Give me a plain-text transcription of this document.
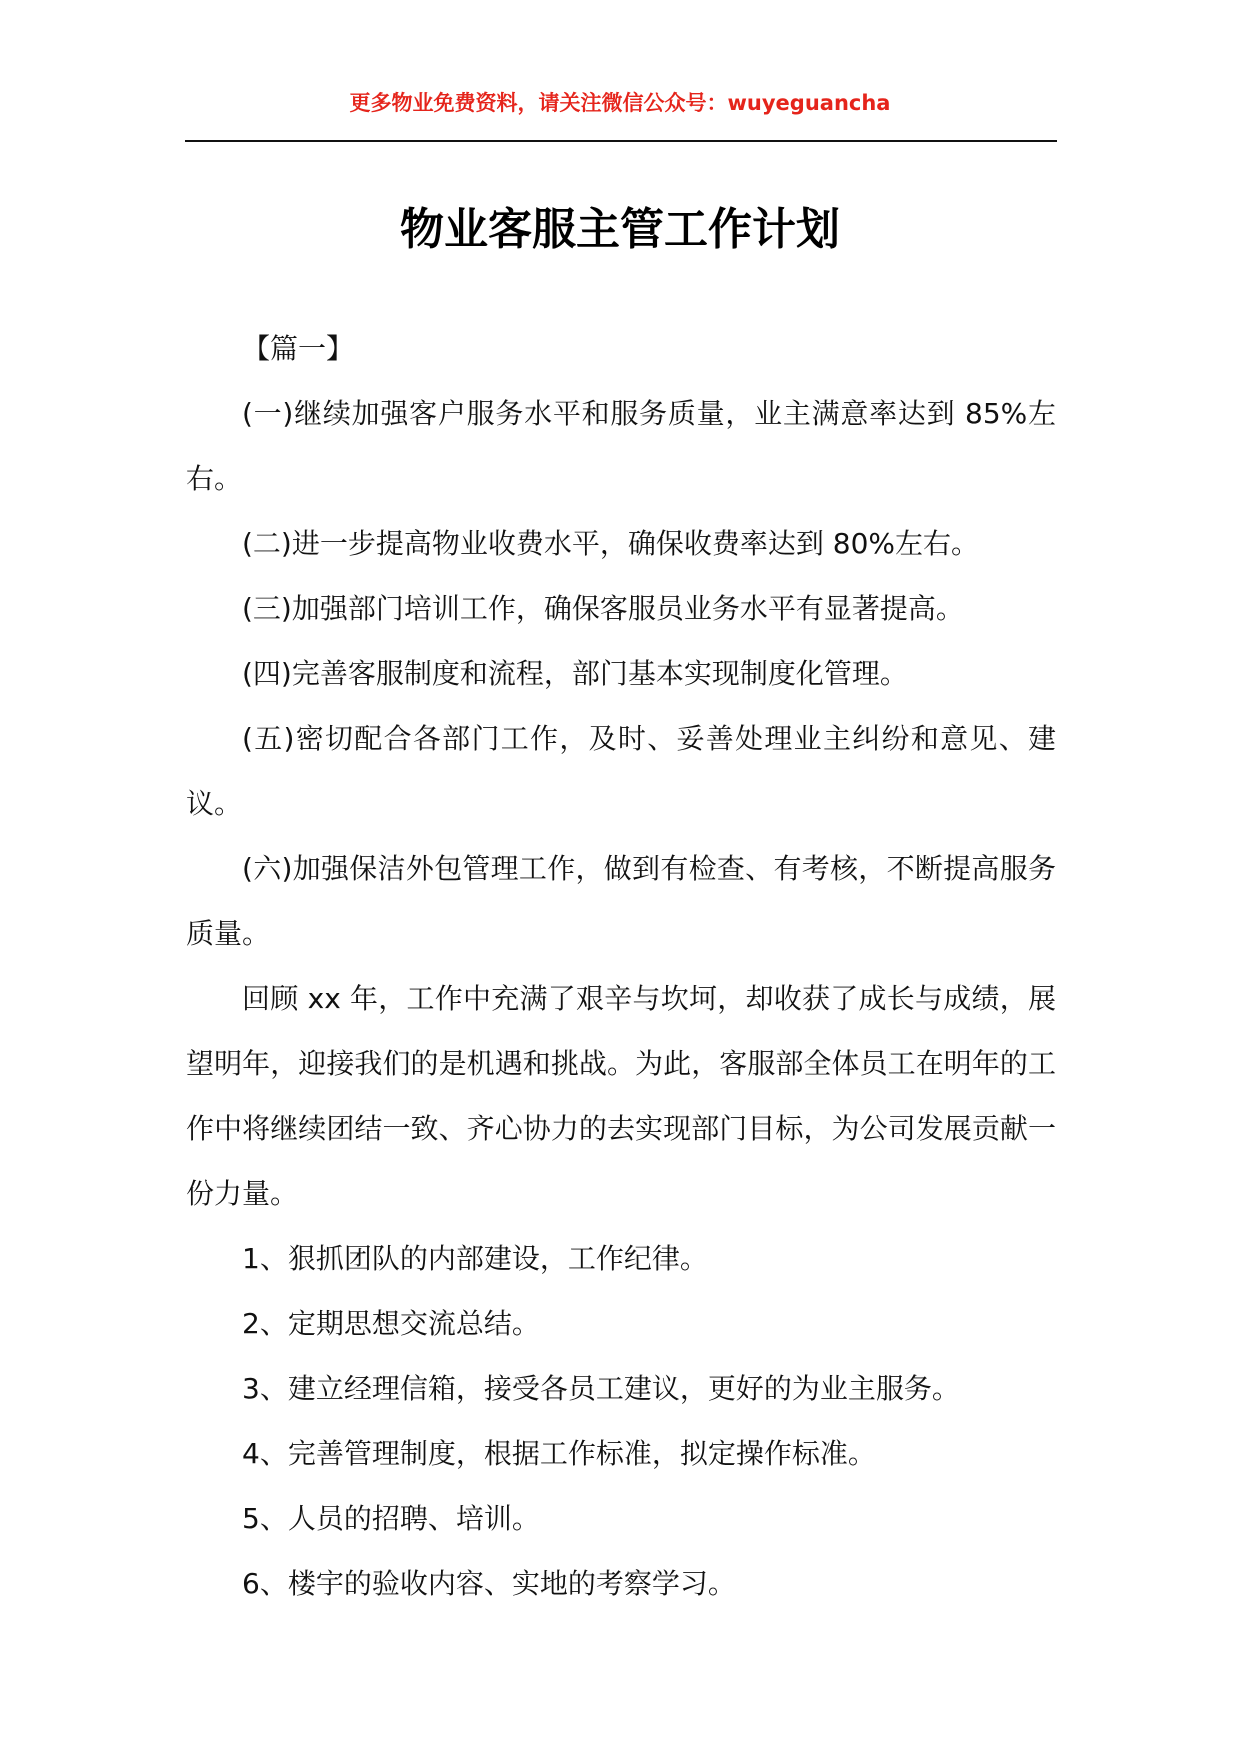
更多物业免费资料，请关注微信公众号：wuyeguancha
物业客服主管工作计划

【篇一】

(一)继续加强客户服务水平和服务质量，业主满意率达到 85%左右。

(二)进一步提高物业收费水平，确保收费率达到 80%左右。

(三)加强部门培训工作，确保客服员业务水平有显著提高。

(四)完善客服制度和流程，部门基本实现制度化管理。

(五)密切配合各部门工作，及时、妥善处理业主纠纷和意见、建议。

(六)加强保洁外包管理工作，做到有检查、有考核，不断提高服务质量。

回顾 xx 年，工作中充满了艰辛与坎坷，却收获了成长与成绩，展望明年，迎接我们的是机遇和挑战。为此，客服部全体员工在明年的工作中将继续团结一致、齐心协力的去实现部门目标，为公司发展贡献一份力量。

1、狠抓团队的内部建设，工作纪律。

2、定期思想交流总结。

3、建立经理信箱，接受各员工建议，更好的为业主服务。

4、完善管理制度，根据工作标准，拟定操作标准。

5、人员的招聘、培训。

6、楼宇的验收内容、实地的考察学习。
